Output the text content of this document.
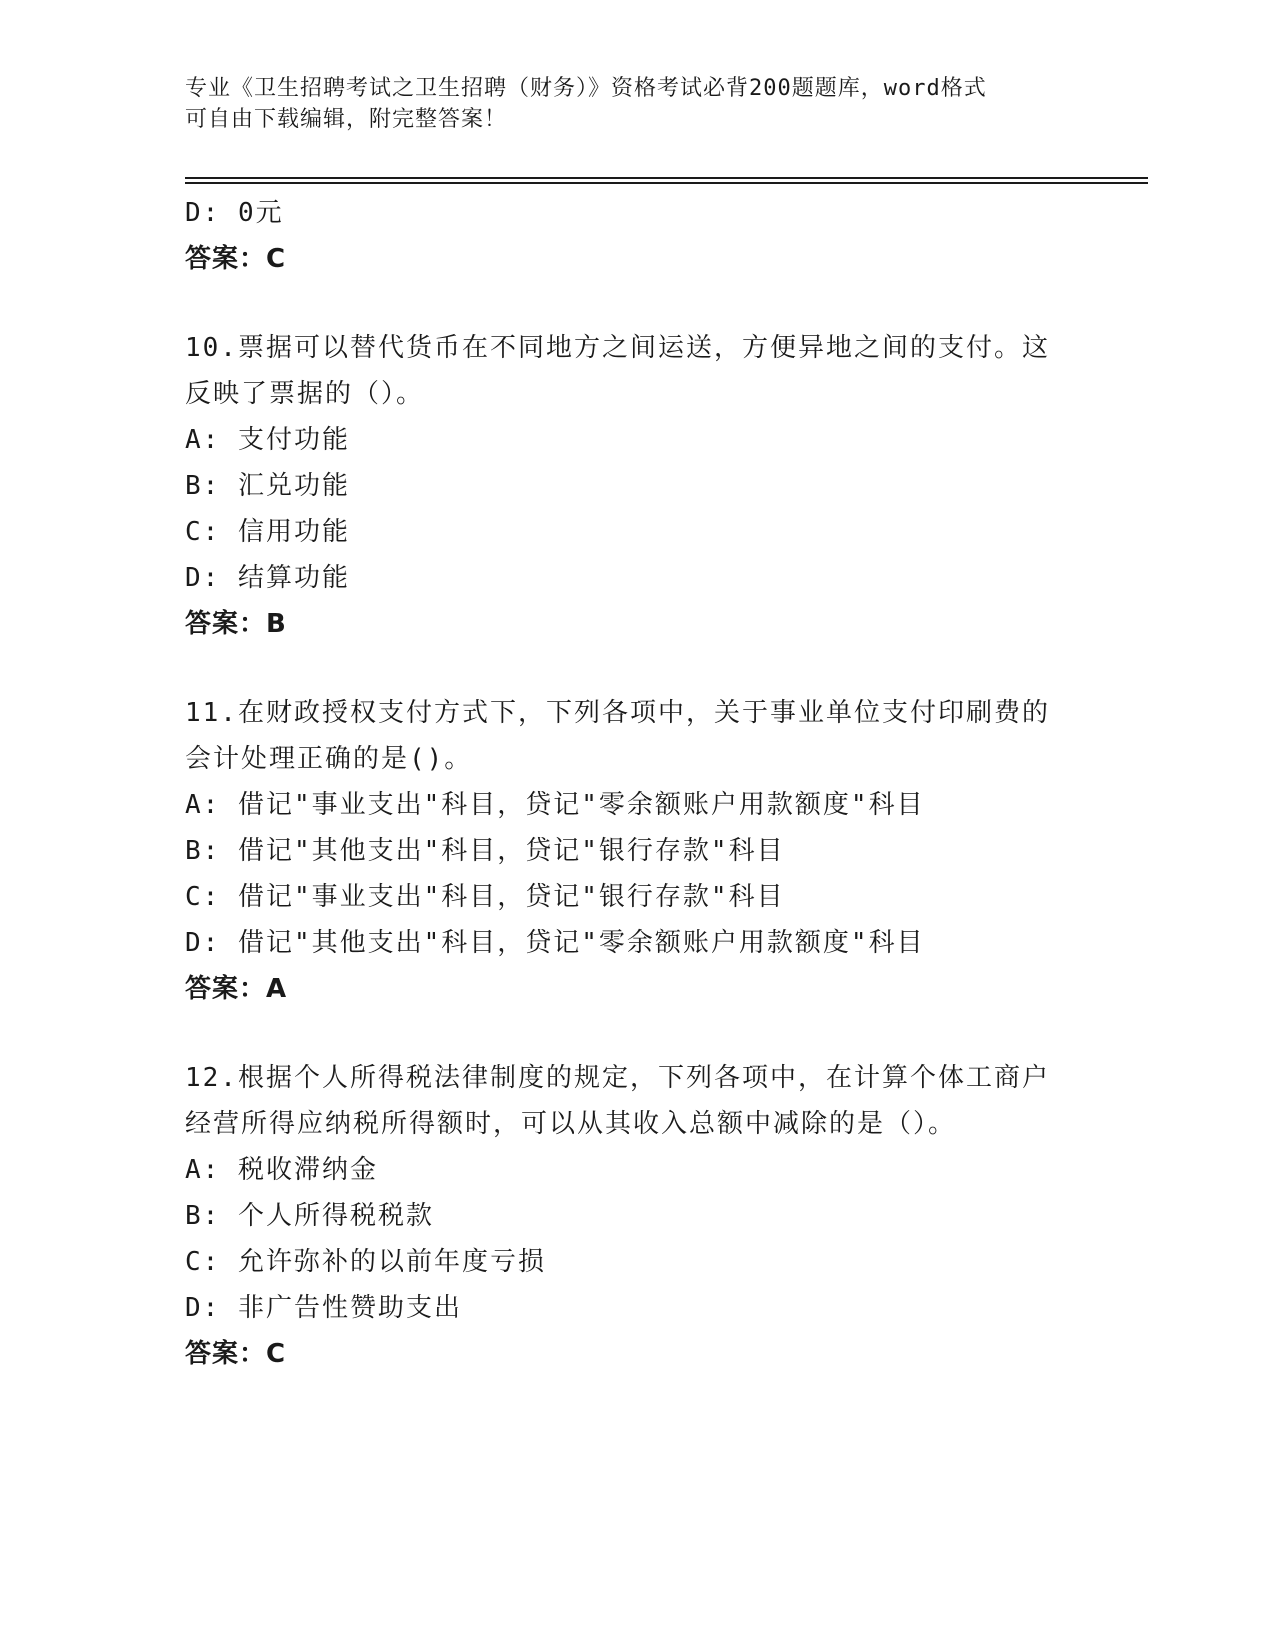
专业《卫生招聘考试之卫生招聘（财务）》资格考试必背200题题库，word格式
可自由下载编辑，附完整答案！
D: 0元
答案：C
10.票据可以替代货币在不同地方之间运送，方便异地之间的支付。这
反映了票据的（）。
A: 支付功能
B: 汇兑功能
C: 信用功能
D: 结算功能
答案：B
11.在财政授权支付方式下，下列各项中，关于事业单位支付印刷费的
会计处理正确的是()。
A: 借记"事业支出"科目，贷记"零余额账户用款额度"科目
B: 借记"其他支出"科目，贷记"银行存款"科目
C: 借记"事业支出"科目，贷记"银行存款"科目
D: 借记"其他支出"科目，贷记"零余额账户用款额度"科目
答案：A
12.根据个人所得税法律制度的规定，下列各项中，在计算个体工商户
经营所得应纳税所得额时，可以从其收入总额中减除的是（）。
A: 税收滞纳金
B: 个人所得税税款
C: 允许弥补的以前年度亏损
D: 非广告性赞助支出
答案：C
